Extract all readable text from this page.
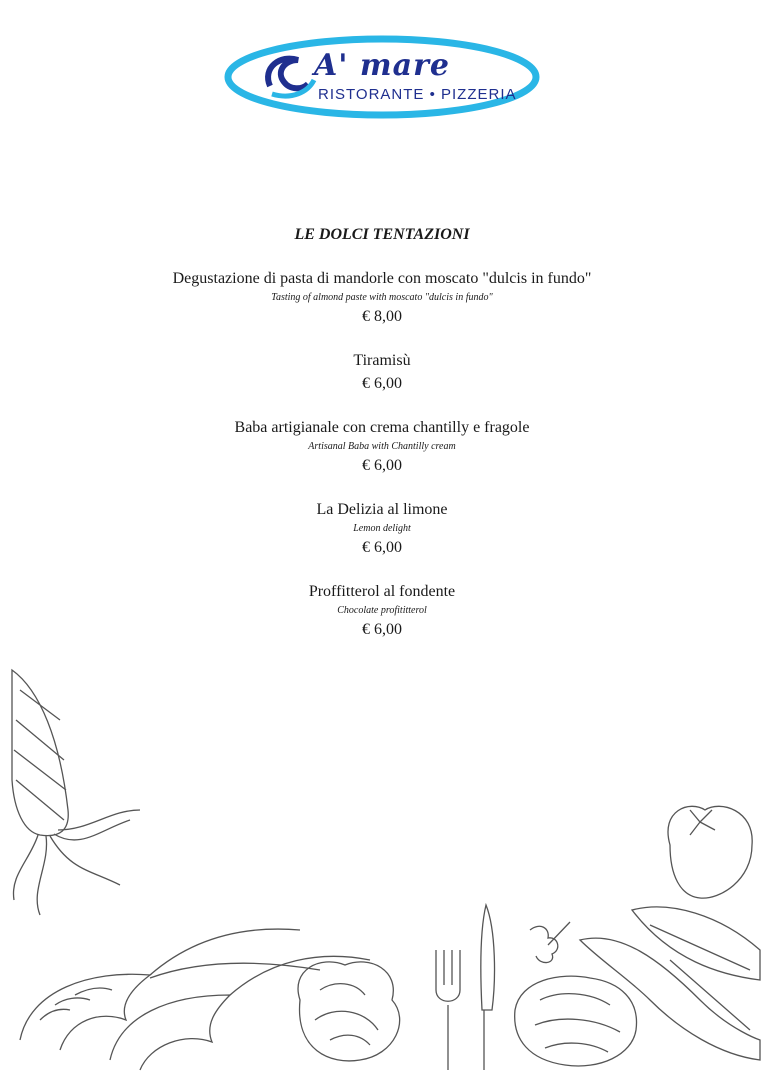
A' mare
RISTORANTE • PIZZERIA
LE DOLCI TENTAZIONI
Degustazione di pasta di mandorle con moscato "dulcis in fundo"
Tasting of almond paste with moscato "dulcis in fundo"
€ 8,00
Tiramisù
€ 6,00
Baba artigianale con crema chantilly e fragole
Artisanal Baba with Chantilly cream
€ 6,00
La Delizia al limone
Lemon delight
€ 6,00
Proffitterol al fondente
Chocolate profititterol
€ 6,00
